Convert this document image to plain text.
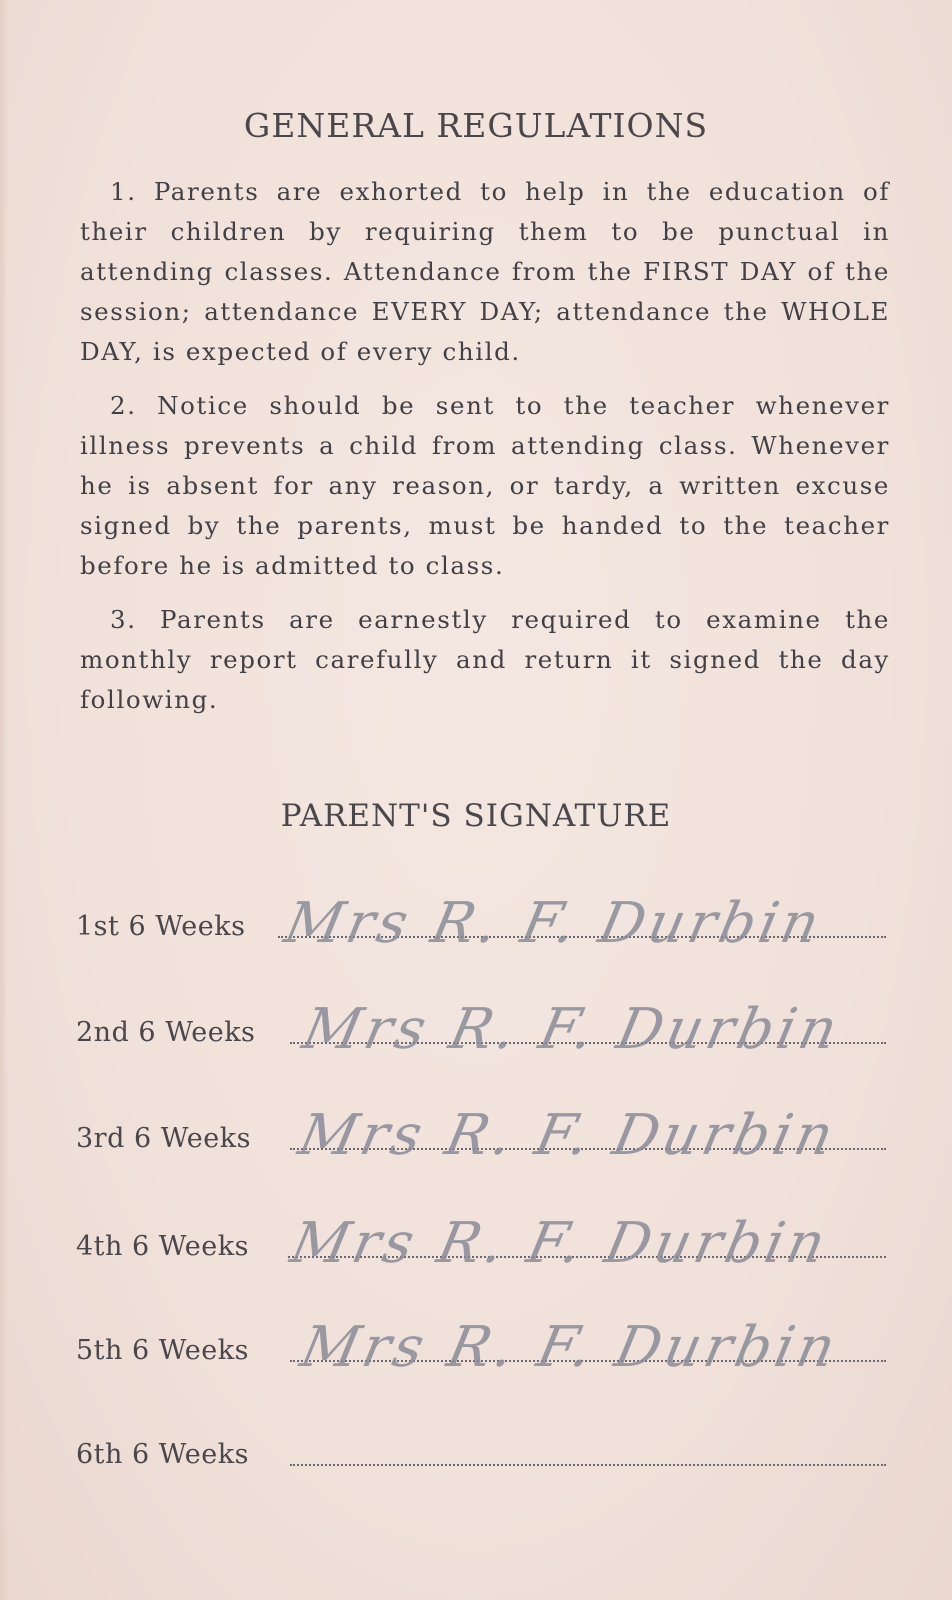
GENERAL REGULATIONS

1. Parents are exhorted to help in the education of their children by requiring them to be punctual in attending classes. Attendance from the FIRST DAY of the session; attendance EVERY DAY; attendance the WHOLE DAY, is expected of every child.

2. Notice should be sent to the teacher whenever illness prevents a child from attending class. Whenever he is absent for any reason, or tardy, a written excuse signed by the parents, must be handed to the teacher before he is admitted to class.

3. Parents are earnestly required to examine the monthly report carefully and return it signed the day following.

PARENT'S SIGNATURE
1st 6 Weeks Mrs R. F. Durbin
2nd 6 Weeks Mrs R. F. Durbin
3rd 6 Weeks Mrs R. F. Durbin
4th 6 Weeks Mrs R. F. Durbin
5th 6 Weeks Mrs R. F. Durbin
6th 6 Weeks
